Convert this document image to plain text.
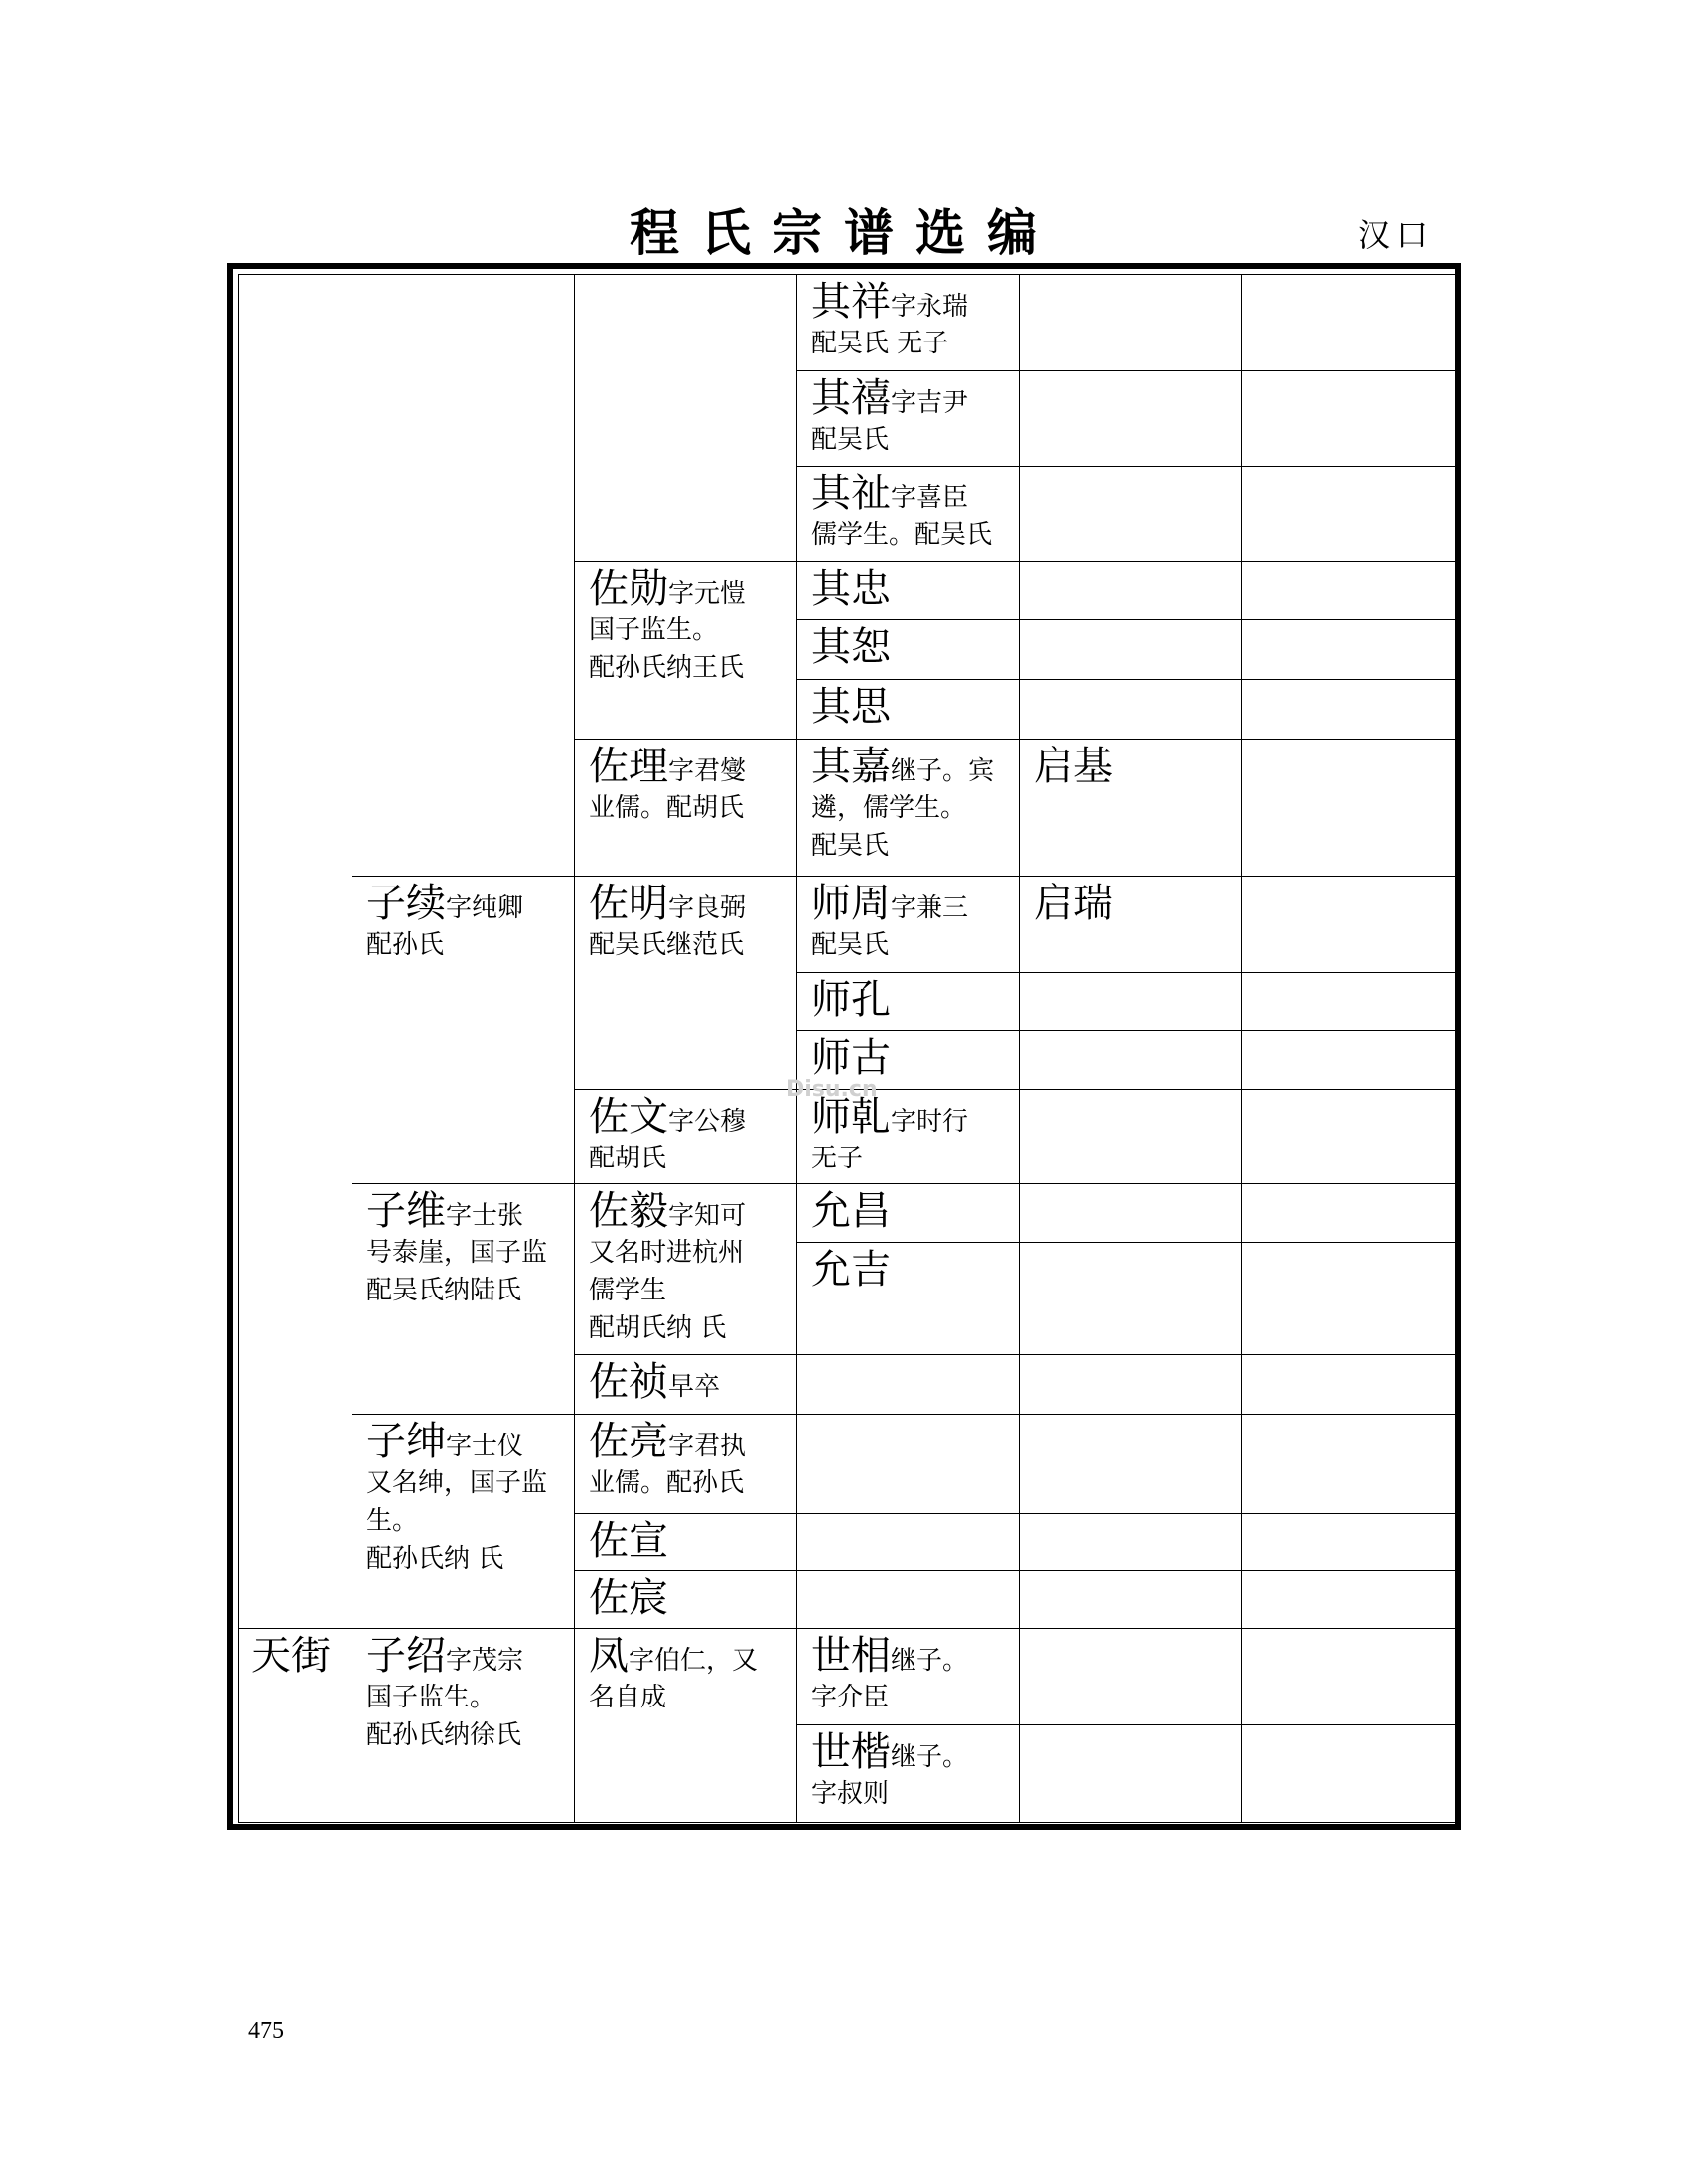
程氏宗谱选编	汉口
天街
子续字纯卿
配孙氏
子维字士张
号泰崖，国子监
配吴氏纳陆氏
子绅字士仪
又名绅，国子监
生。
配孙氏纳 氏
子绍字茂宗
国子监生。
配孙氏纳徐氏
佐勋字元愷
国子监生。
配孙氏纳王氏
佐理字君燮
业儒。配胡氏
佐明字良弼
配吴氏继范氏
佐文字公穆
配胡氏
佐毅字知可
又名时进杭州
儒学生
配胡氏纳 氏
佐祯早卒
佐亮字君执
业儒。配孙氏
佐宣
佐宸
凤字伯仁，又
名自成
其祥字永瑞
配吴氏 无子
其禧字吉尹
配吴氏
其祉字喜臣
儒学生。配吴氏
其忠
其恕
其思
其嘉继子。宾
遴，儒学生。
配吴氏
师周字兼三
配吴氏
师孔
师古
师乹字时行
无子
允昌
允吉
世相继子。
字介臣
世楷继子。
字叔则
启基
启瑞
Disu.cn
475
